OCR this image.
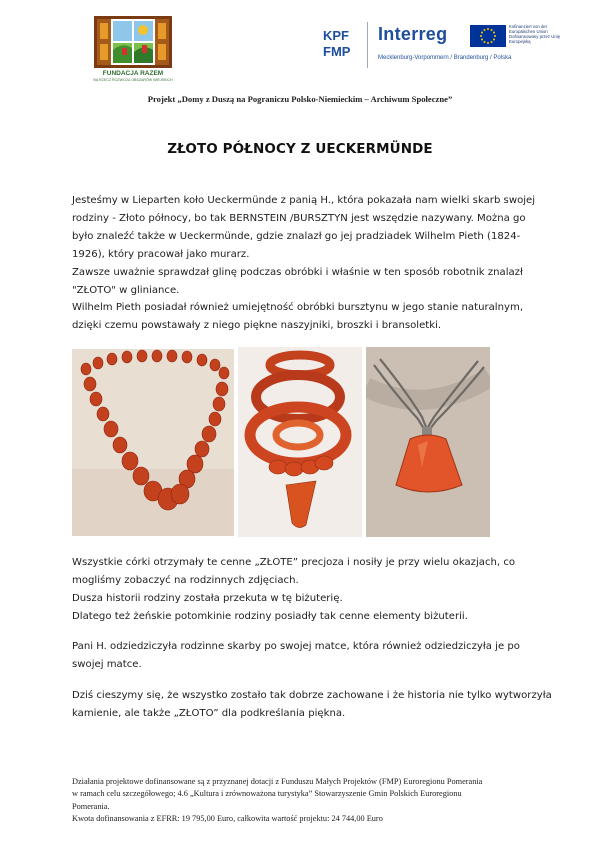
FUNDACJA RAZEM
NA RZECZ ROZWOJU OBSZARÓW WIEJSKICH
KPF
FMP
Interreg	Kofinanziert von der Europäischen Union Dofinansowany przez Unię Europejską
Mecklenburg-Vorpommern / Brandenburg / Polska
Projekt „Domy z Duszą na Pograniczu Polsko-Niemieckim – Archiwum Społeczne”
ZŁOTO PÓŁNOCY Z UECKERMÜNDE
Jesteśmy w Lieparten koło Ueckermünde z panią H., która pokazała nam wielki skarb swojej
rodziny - Złoto północy, bo tak BERNSTEIN /BURSZTYN jest wszędzie nazywany. Można go
było znaleźć także w Ueckermünde, gdzie znalazł go jej pradziadek Wilhelm Pieth (1824-
1926), który pracował jako murarz.
Zawsze uważnie sprawdzał glinę podczas obróbki i właśnie w ten sposób robotnik znalazł
"ZŁOTO" w gliniance.
Wilhelm Pieth posiadał również umiejętność obróbki bursztynu w jego stanie naturalnym,
dzięki czemu powstawały z niego piękne naszyjniki, broszki i bransoletki.
Wszystkie córki otrzymały te cenne „ZŁOTE” precjoza i nosiły je przy wielu okazjach, co
mogliśmy zobaczyć na rodzinnych zdjęciach.
Dusza historii rodziny została przekuta w tę biżuterię.
Dlatego też żeńskie potomkinie rodziny posiadły tak cenne elementy biżuterii.
Pani H. odziedziczyła rodzinne skarby po swojej matce, która również odziedziczyła je po
swojej matce.
Dziś cieszymy się, że wszystko zostało tak dobrze zachowane i że historia nie tylko wytworzyła
kamienie, ale także „ZŁOTO” dla podkreślania piękna.
Działania projektowe dofinansowane są z przyznanej dotacji z Funduszu Małych Projektów (FMP) Euroregionu Pomerania
w ramach celu szczegółowego; 4.6 „Kultura i zrównoważona turystyka” Stowarzyszenie Gmin Polskich Euroregionu
Pomerania.
Kwota dofinansowania z EFRR: 19 795,00 Euro, całkowita wartość projektu: 24 744,00 Euro
